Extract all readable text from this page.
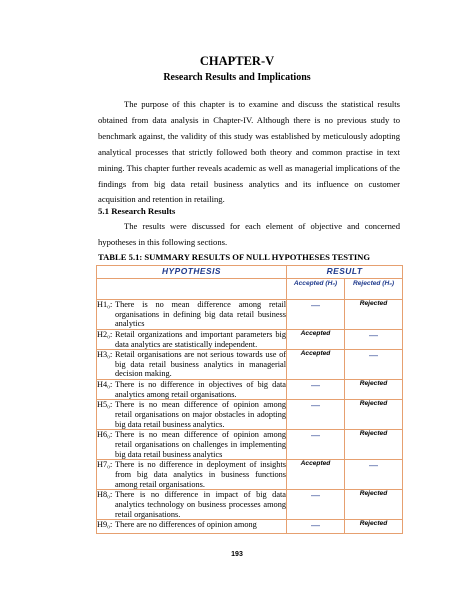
CHAPTER-V
Research Results and Implications

The purpose of this chapter is to examine and discuss the statistical results obtained from data analysis in Chapter-IV. Although there is no previous study to benchmark against, the validity of this study was established by meticulously adopting analytical processes that strictly followed both theory and common practise in text mining. This chapter further reveals academic as well as managerial implications of the findings from big data retail business analytics and its influence on customer acquisition and retention in retailing.

5.1 Research Results

The results were discussed for each element of objective and concerned hypotheses in this following sections.

TABLE 5.1: SUMMARY RESULTS OF NULL HYPOTHESES TESTING
HYPOTHESIS	RESULT	
	Accepted (H₀)	Rejected (H₀)

H1₀: There is no mean difference among retail organisations in defining big data retail business analytics	—	Rejected

H2₀: Retail organizations and important parameters big data analytics are statistically independent.	Accepted	—

H3₀: Retail organisations are not serious towards use of big data retail business analytics in managerial decision making.	Accepted	—

H4₀: There is no difference in objectives of big data analytics among retail organisations.	—	Rejected

H5₀: There is no mean difference of opinion among retail organisations on major obstacles in adopting big data retail business analytics.	—	Rejected

H6₀: There is no mean difference of opinion among retail organisations on challenges in implementing big data retail business analytics	—	Rejected

H7₀: There is no difference in deployment of insights from big data analytics in business functions among retail organisations.	Accepted	—

H8₀: There is no difference in impact of big data analytics technology on business processes among retail organisations.	—	Rejected

H9₀: There are no differences of opinion among	—	Rejected
193
